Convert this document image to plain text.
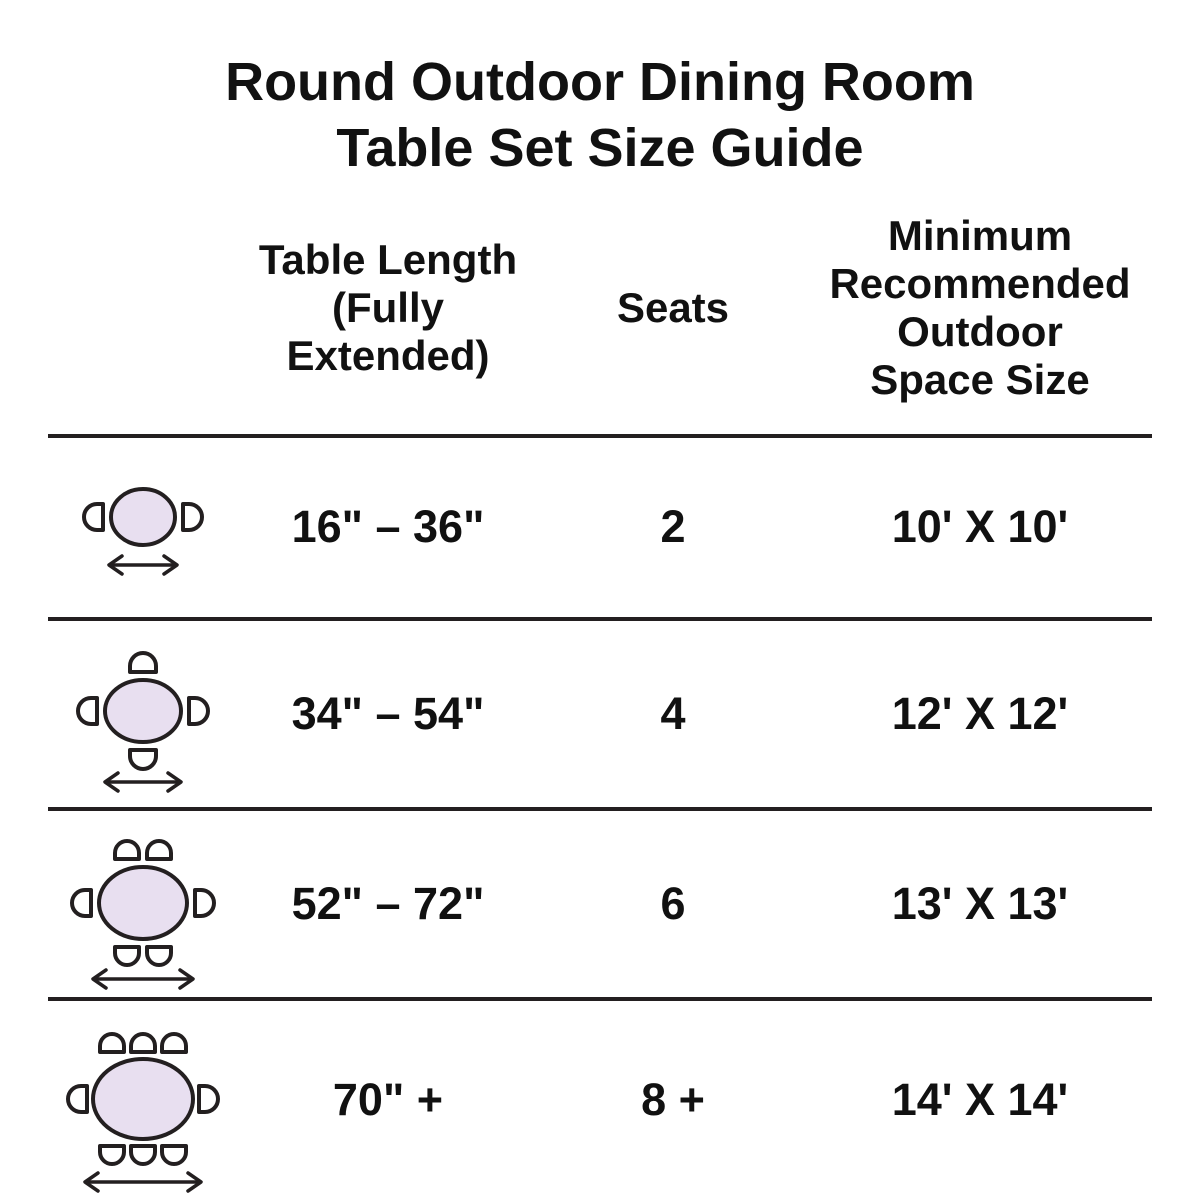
Round Outdoor Dining Room
Table Set Size Guide
Table Length
(Fully Extended)
Seats
Minimum
Recommended
Outdoor
Space Size
16" – 36"	2	10' X 10'
34" – 54"	4	12' X 12'
52" – 72"	6	13' X 13'
70" +	8 +	14' X 14'
